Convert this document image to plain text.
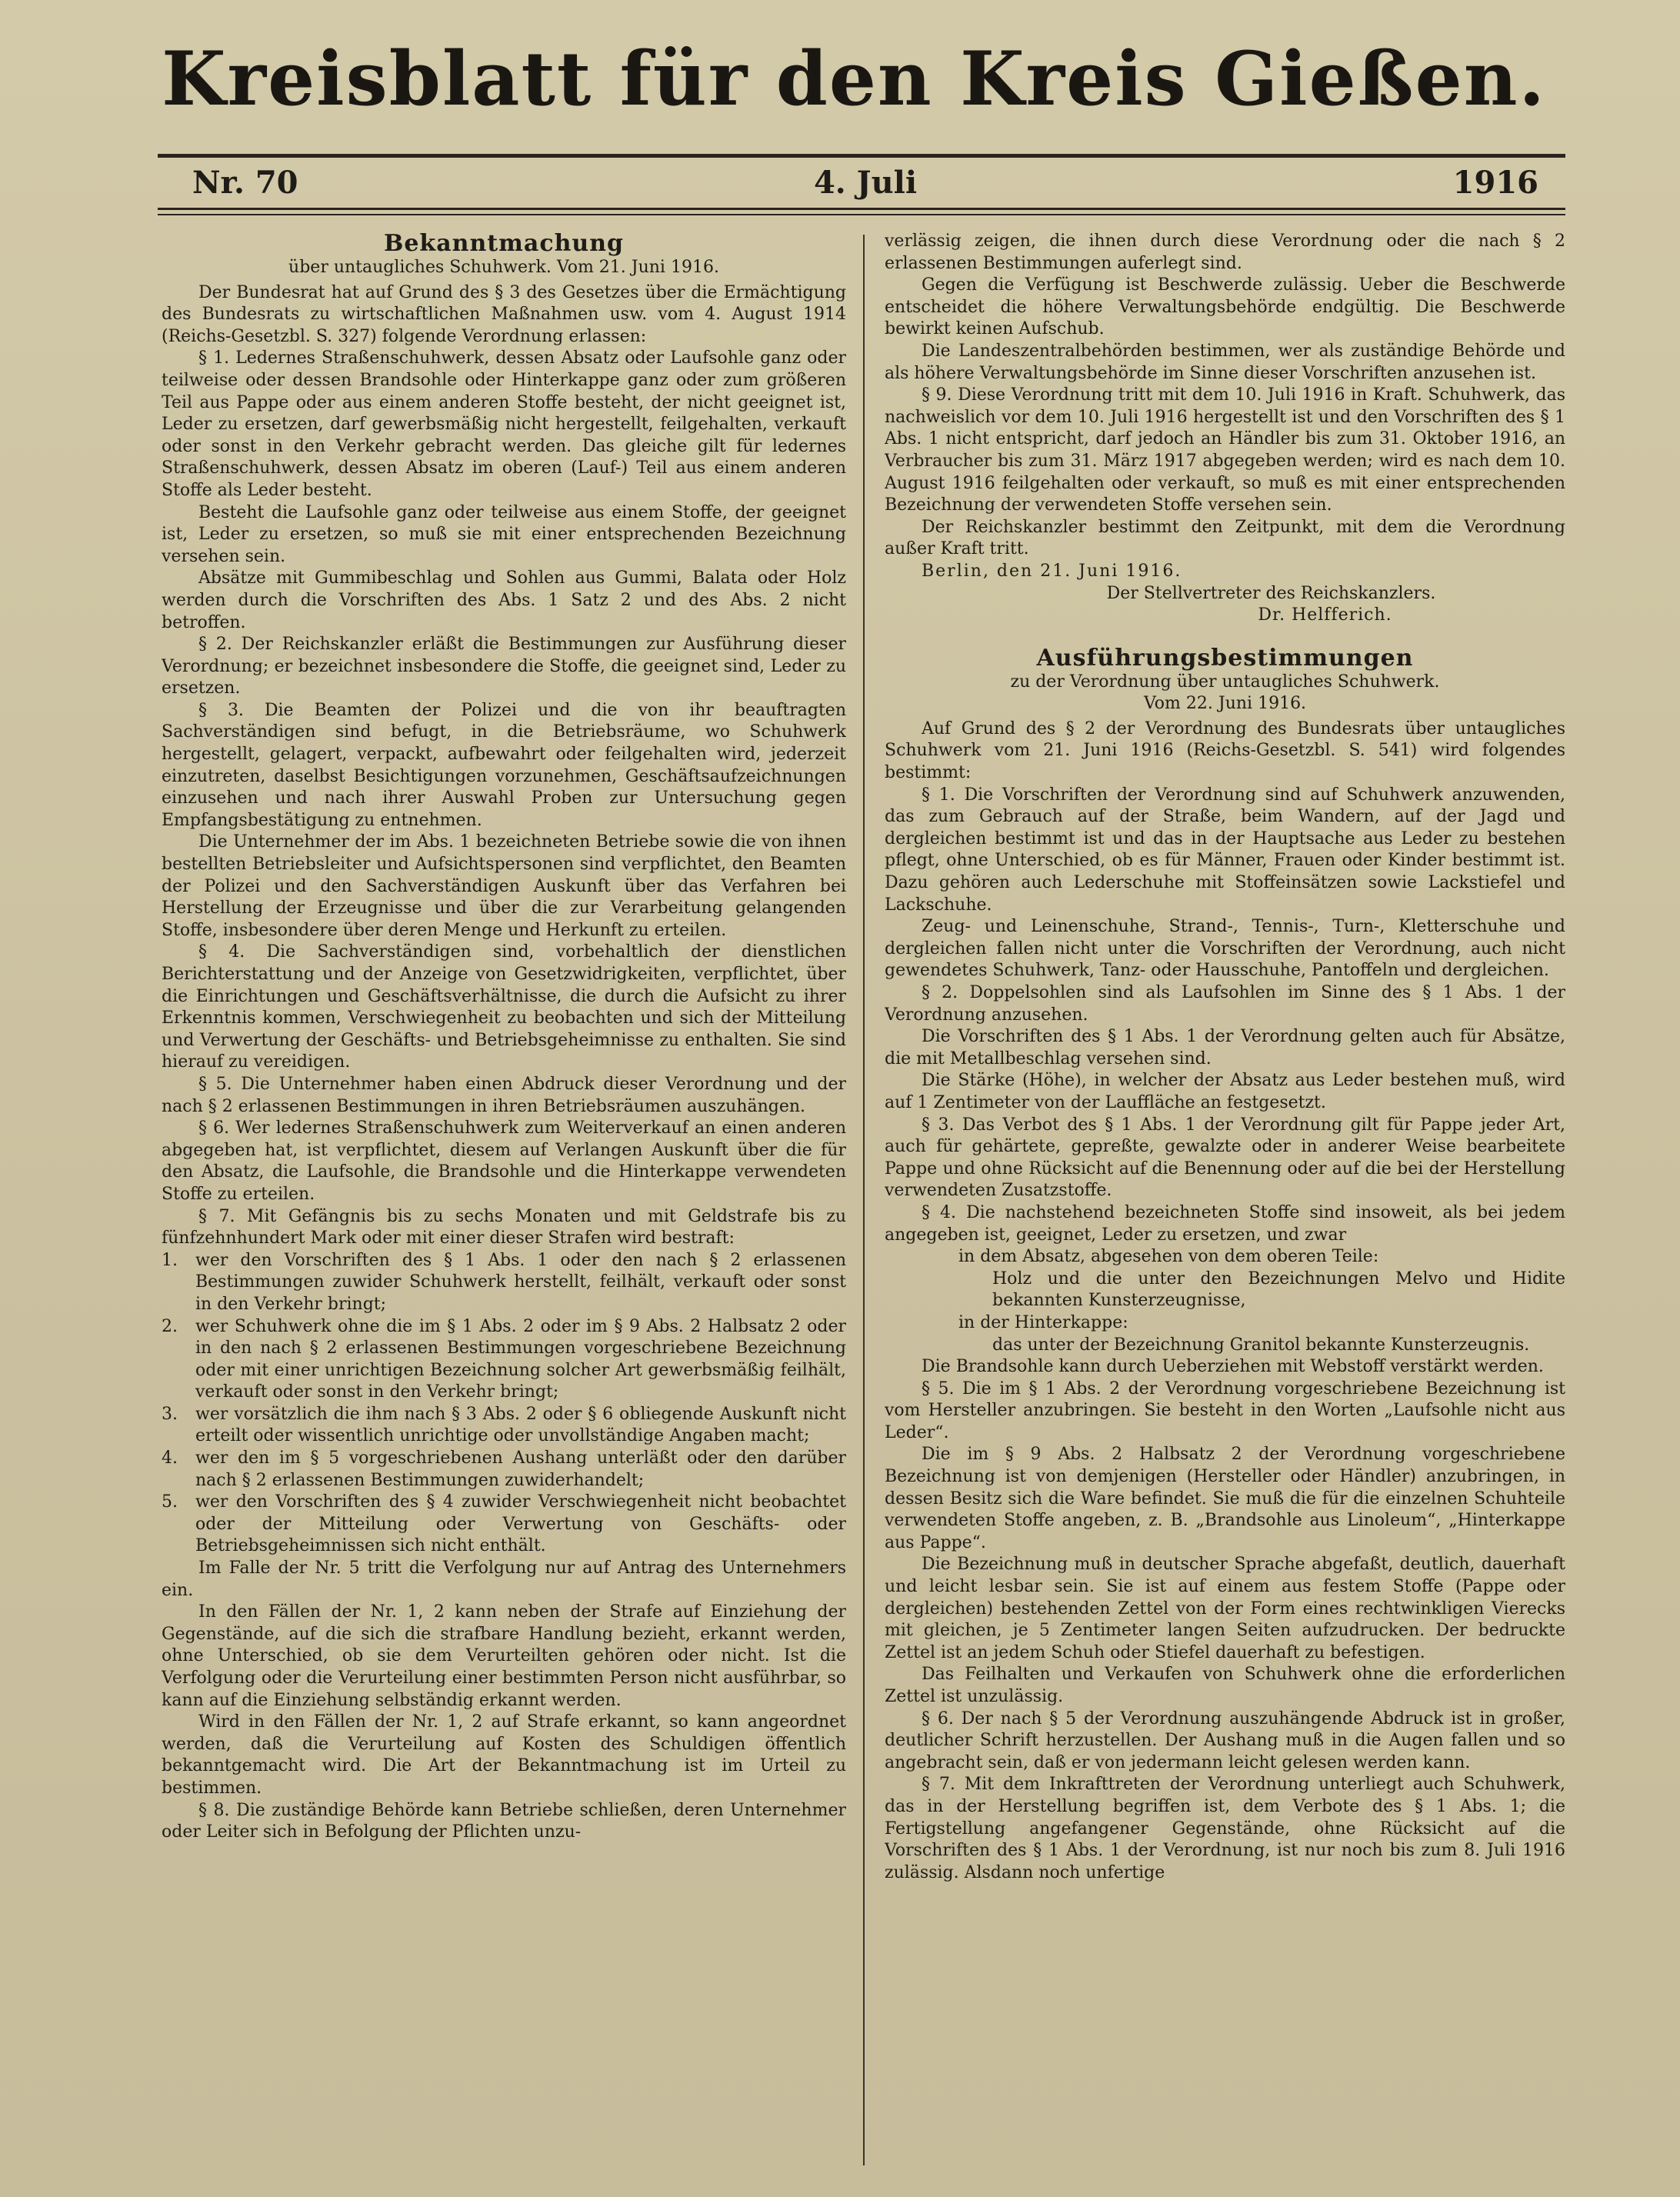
Kreisblatt für den Kreis Gießen.
Nr. 70	4. Juli	1916

Bekanntmachung

über untaugliches Schuhwerk. Vom 21. Juni 1916.

Der Bundesrat hat auf Grund des § 3 des Gesetzes über die Ermächtigung des Bundesrats zu wirtschaftlichen Maßnahmen usw. vom 4. August 1914 (Reichs-Gesetzbl. S. 327) folgende Verordnung erlassen:

§ 1. Ledernes Straßenschuhwerk, dessen Absatz oder Laufsohle ganz oder teilweise oder dessen Brandsohle oder Hinterkappe ganz oder zum größeren Teil aus Pappe oder aus einem anderen Stoffe besteht, der nicht geeignet ist, Leder zu ersetzen, darf gewerbsmäßig nicht hergestellt, feilgehalten, verkauft oder sonst in den Verkehr gebracht werden. Das gleiche gilt für ledernes Straßenschuhwerk, dessen Absatz im oberen (Lauf-) Teil aus einem anderen Stoffe als Leder besteht.

Besteht die Laufsohle ganz oder teilweise aus einem Stoffe, der geeignet ist, Leder zu ersetzen, so muß sie mit einer entsprechenden Bezeichnung versehen sein.

Absätze mit Gummibeschlag und Sohlen aus Gummi, Balata oder Holz werden durch die Vorschriften des Abs. 1 Satz 2 und des Abs. 2 nicht betroffen.

§ 2. Der Reichskanzler erläßt die Bestimmungen zur Ausführung dieser Verordnung; er bezeichnet insbesondere die Stoffe, die geeignet sind, Leder zu ersetzen.

§ 3. Die Beamten der Polizei und die von ihr beauftragten Sachverständigen sind befugt, in die Betriebsräume, wo Schuhwerk hergestellt, gelagert, verpackt, aufbewahrt oder feilgehalten wird, jederzeit einzutreten, daselbst Besichtigungen vorzunehmen, Geschäftsaufzeichnungen einzusehen und nach ihrer Auswahl Proben zur Untersuchung gegen Empfangsbestätigung zu entnehmen.

Die Unternehmer der im Abs. 1 bezeichneten Betriebe sowie die von ihnen bestellten Betriebsleiter und Aufsichtspersonen sind verpflichtet, den Beamten der Polizei und den Sachverständigen Auskunft über das Verfahren bei Herstellung der Erzeugnisse und über die zur Verarbeitung gelangenden Stoffe, insbesondere über deren Menge und Herkunft zu erteilen.

§ 4. Die Sachverständigen sind, vorbehaltlich der dienstlichen Berichterstattung und der Anzeige von Gesetzwidrigkeiten, verpflichtet, über die Einrichtungen und Geschäftsverhältnisse, die durch die Aufsicht zu ihrer Erkenntnis kommen, Verschwiegenheit zu beobachten und sich der Mitteilung und Verwertung der Geschäfts- und Betriebsgeheimnisse zu enthalten. Sie sind hierauf zu vereidigen.

§ 5. Die Unternehmer haben einen Abdruck dieser Verordnung und der nach § 2 erlassenen Bestimmungen in ihren Betriebsräumen auszuhängen.

§ 6. Wer ledernes Straßenschuhwerk zum Weiterverkauf an einen anderen abgegeben hat, ist verpflichtet, diesem auf Verlangen Auskunft über die für den Absatz, die Laufsohle, die Brandsohle und die Hinterkappe verwendeten Stoffe zu erteilen.

§ 7. Mit Gefängnis bis zu sechs Monaten und mit Geldstrafe bis zu fünfzehnhundert Mark oder mit einer dieser Strafen wird bestraft:

1. wer den Vorschriften des § 1 Abs. 1 oder den nach § 2 erlassenen Bestimmungen zuwider Schuhwerk herstellt, feilhält, verkauft oder sonst in den Verkehr bringt;

2. wer Schuhwerk ohne die im § 1 Abs. 2 oder im § 9 Abs. 2 Halbsatz 2 oder in den nach § 2 erlassenen Bestimmungen vorgeschriebene Bezeichnung oder mit einer unrichtigen Bezeichnung solcher Art gewerbsmäßig feilhält, verkauft oder sonst in den Verkehr bringt;

3. wer vorsätzlich die ihm nach § 3 Abs. 2 oder § 6 obliegende Auskunft nicht erteilt oder wissentlich unrichtige oder unvollständige Angaben macht;

4. wer den im § 5 vorgeschriebenen Aushang unterläßt oder den darüber nach § 2 erlassenen Bestimmungen zuwiderhandelt;

5. wer den Vorschriften des § 4 zuwider Verschwiegenheit nicht beobachtet oder der Mitteilung oder Verwertung von Geschäfts- oder Betriebsgeheimnissen sich nicht enthält.

Im Falle der Nr. 5 tritt die Verfolgung nur auf Antrag des Unternehmers ein.

In den Fällen der Nr. 1, 2 kann neben der Strafe auf Einziehung der Gegenstände, auf die sich die strafbare Handlung bezieht, erkannt werden, ohne Unterschied, ob sie dem Verurteilten gehören oder nicht. Ist die Verfolgung oder die Verurteilung einer bestimmten Person nicht ausführbar, so kann auf die Einziehung selbständig erkannt werden.

Wird in den Fällen der Nr. 1, 2 auf Strafe erkannt, so kann angeordnet werden, daß die Verurteilung auf Kosten des Schuldigen öffentlich bekanntgemacht wird. Die Art der Bekanntmachung ist im Urteil zu bestimmen.

§ 8. Die zuständige Behörde kann Betriebe schließen, deren Unternehmer oder Leiter sich in Befolgung der Pflichten unzu-

verlässig zeigen, die ihnen durch diese Verordnung oder die nach § 2 erlassenen Bestimmungen auferlegt sind.

Gegen die Verfügung ist Beschwerde zulässig. Ueber die Beschwerde entscheidet die höhere Verwaltungsbehörde endgültig. Die Beschwerde bewirkt keinen Aufschub.

Die Landeszentralbehörden bestimmen, wer als zuständige Behörde und als höhere Verwaltungsbehörde im Sinne dieser Vorschriften anzusehen ist.

§ 9. Diese Verordnung tritt mit dem 10. Juli 1916 in Kraft. Schuhwerk, das nachweislich vor dem 10. Juli 1916 hergestellt ist und den Vorschriften des § 1 Abs. 1 nicht entspricht, darf jedoch an Händler bis zum 31. Oktober 1916, an Verbraucher bis zum 31. März 1917 abgegeben werden; wird es nach dem 10. August 1916 feilgehalten oder verkauft, so muß es mit einer entsprechenden Bezeichnung der verwendeten Stoffe versehen sein.

Der Reichskanzler bestimmt den Zeitpunkt, mit dem die Verordnung außer Kraft tritt.

Berlin, den 21. Juni 1916.

Der Stellvertreter des Reichskanzlers.

Dr. Helfferich.

Ausführungsbestimmungen

zu der Verordnung über untaugliches Schuhwerk.

Vom 22. Juni 1916.

Auf Grund des § 2 der Verordnung des Bundesrats über untaugliches Schuhwerk vom 21. Juni 1916 (Reichs-Gesetzbl. S. 541) wird folgendes bestimmt:

§ 1. Die Vorschriften der Verordnung sind auf Schuhwerk anzuwenden, das zum Gebrauch auf der Straße, beim Wandern, auf der Jagd und dergleichen bestimmt ist und das in der Hauptsache aus Leder zu bestehen pflegt, ohne Unterschied, ob es für Männer, Frauen oder Kinder bestimmt ist. Dazu gehören auch Lederschuhe mit Stoffeinsätzen sowie Lackstiefel und Lackschuhe.

Zeug- und Leinenschuhe, Strand-, Tennis-, Turn-, Kletterschuhe und dergleichen fallen nicht unter die Vorschriften der Verordnung, auch nicht gewendetes Schuhwerk, Tanz- oder Hausschuhe, Pantoffeln und dergleichen.

§ 2. Doppelsohlen sind als Laufsohlen im Sinne des § 1 Abs. 1 der Verordnung anzusehen.

Die Vorschriften des § 1 Abs. 1 der Verordnung gelten auch für Absätze, die mit Metallbeschlag versehen sind.

Die Stärke (Höhe), in welcher der Absatz aus Leder bestehen muß, wird auf 1 Zentimeter von der Lauffläche an festgesetzt.

§ 3. Das Verbot des § 1 Abs. 1 der Verordnung gilt für Pappe jeder Art, auch für gehärtete, gepreßte, gewalzte oder in anderer Weise bearbeitete Pappe und ohne Rücksicht auf die Benennung oder auf die bei der Herstellung verwendeten Zusatzstoffe.

§ 4. Die nachstehend bezeichneten Stoffe sind insoweit, als bei jedem angegeben ist, geeignet, Leder zu ersetzen, und zwar

in dem Absatz, abgesehen von dem oberen Teile:

Holz und die unter den Bezeichnungen Melvo und Hidite bekannten Kunsterzeugnisse,

in der Hinterkappe:

das unter der Bezeichnung Granitol bekannte Kunsterzeugnis.

Die Brandsohle kann durch Ueberziehen mit Webstoff verstärkt werden.

§ 5. Die im § 1 Abs. 2 der Verordnung vorgeschriebene Bezeichnung ist vom Hersteller anzubringen. Sie besteht in den Worten „Laufsohle nicht aus Leder“.

Die im § 9 Abs. 2 Halbsatz 2 der Verordnung vorgeschriebene Bezeichnung ist von demjenigen (Hersteller oder Händler) anzubringen, in dessen Besitz sich die Ware befindet. Sie muß die für die einzelnen Schuhteile verwendeten Stoffe angeben, z. B. „Brandsohle aus Linoleum“, „Hinterkappe aus Pappe“.

Die Bezeichnung muß in deutscher Sprache abgefaßt, deutlich, dauerhaft und leicht lesbar sein. Sie ist auf einem aus festem Stoffe (Pappe oder dergleichen) bestehenden Zettel von der Form eines rechtwinkligen Vierecks mit gleichen, je 5 Zentimeter langen Seiten aufzudrucken. Der bedruckte Zettel ist an jedem Schuh oder Stiefel dauerhaft zu befestigen.

Das Feilhalten und Verkaufen von Schuhwerk ohne die erforderlichen Zettel ist unzulässig.

§ 6. Der nach § 5 der Verordnung auszuhängende Abdruck ist in großer, deutlicher Schrift herzustellen. Der Aushang muß in die Augen fallen und so angebracht sein, daß er von jedermann leicht gelesen werden kann.

§ 7. Mit dem Inkrafttreten der Verordnung unterliegt auch Schuhwerk, das in der Herstellung begriffen ist, dem Verbote des § 1 Abs. 1; die Fertigstellung angefangener Gegenstände, ohne Rücksicht auf die Vorschriften des § 1 Abs. 1 der Verordnung, ist nur noch bis zum 8. Juli 1916 zulässig. Alsdann noch unfertige
